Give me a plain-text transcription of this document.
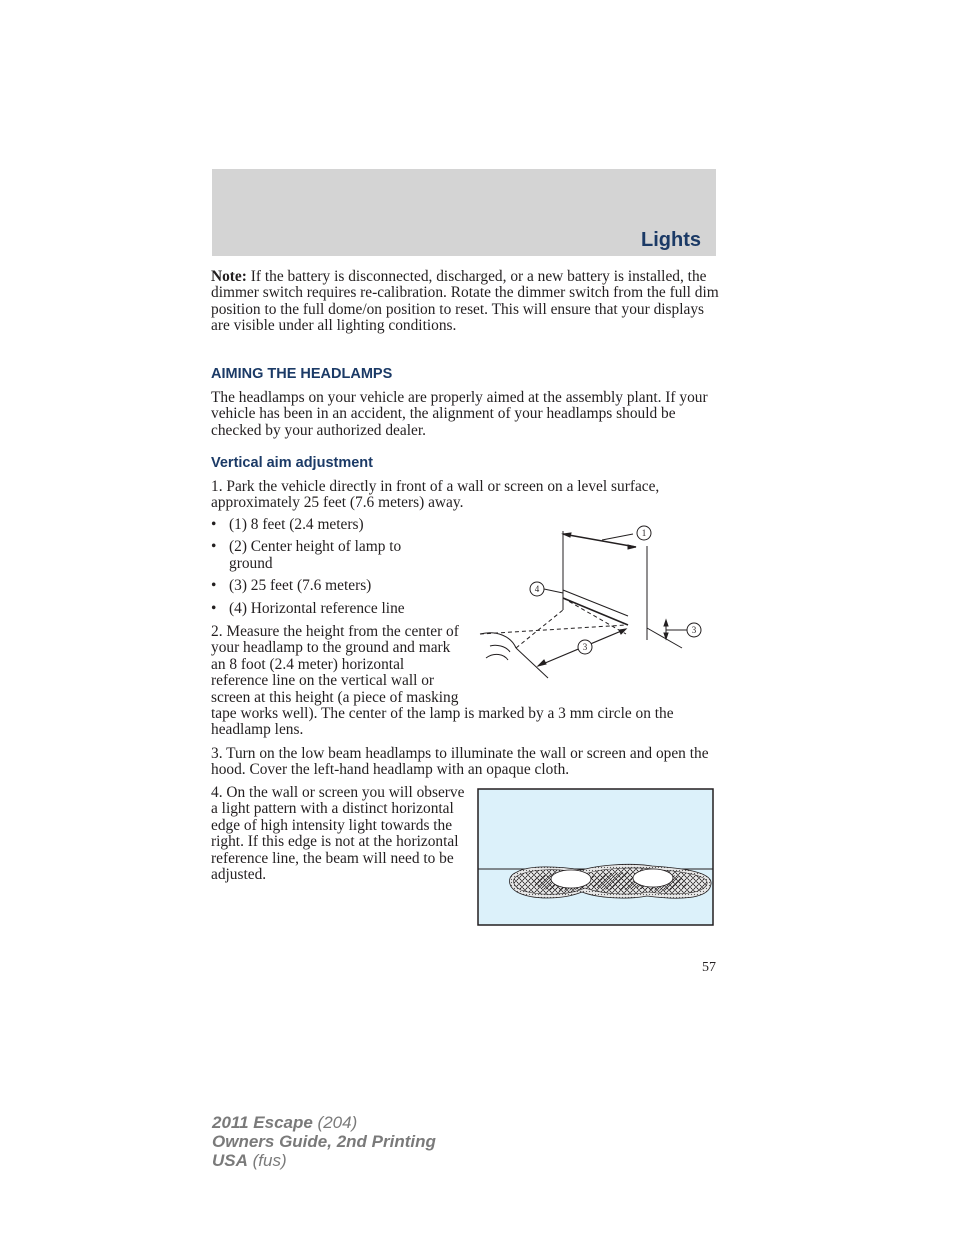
Lights
Note: If the battery is disconnected, discharged, or a new battery is installed, the dimmer switch requires re-calibration. Rotate the dimmer switch from the full dim position to the full dome/on position to reset. This will ensure that your displays are visible under all lighting conditions.
AIMING THE HEADLAMPS
The headlamps on your vehicle are properly aimed at the assembly plant. If your vehicle has been in an accident, the alignment of your headlamps should be checked by your authorized dealer.
Vertical aim adjustment
1. Park the vehicle directly in front of a wall or screen on a level surface, approximately 25 feet (7.6 meters) away.
• (1) 8 feet (2.4 meters)
• (2) Center height of lamp to ground
• (3) 25 feet (7.6 meters)
• (4) Horizontal reference line
2. Measure the height from the center of your headlamp to the ground and mark an 8 foot (2.4 meter) horizontal reference line on the vertical wall or screen at this height (a piece of masking tape works well). The center of the lamp is marked by a 3 mm circle on the headlamp lens.
1
4
3
3
3. Turn on the low beam headlamps to illuminate the wall or screen and open the hood. Cover the left-hand headlamp with an opaque cloth.
4. On the wall or screen you will observe a light pattern with a distinct horizontal edge of high intensity light towards the right. If this edge is not at the horizontal reference line, the beam will need to be adjusted.
57
2011 Escape (204)
Owners Guide, 2nd Printing
USA (fus)
